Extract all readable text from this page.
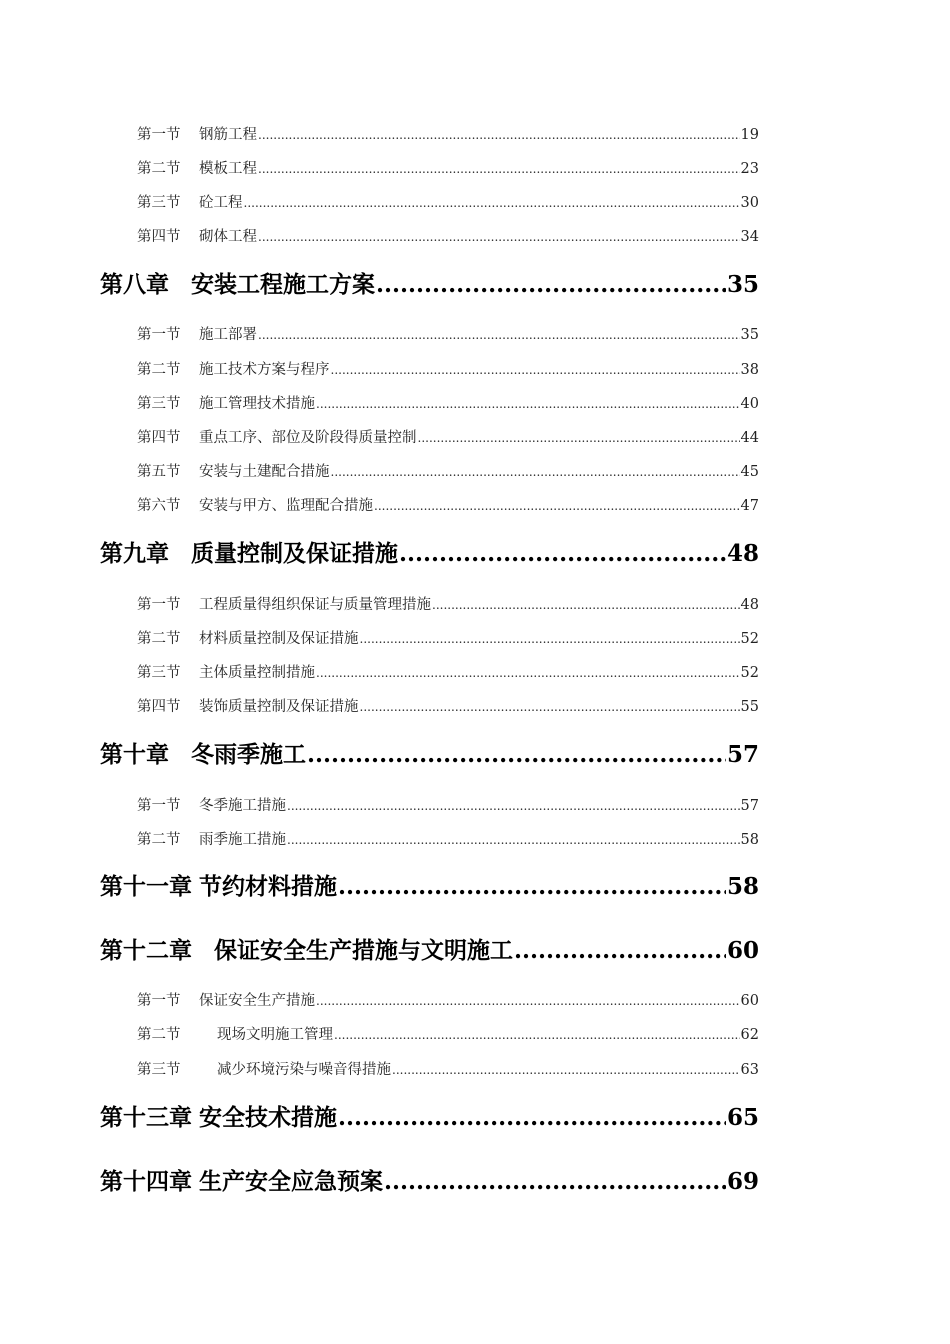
第一节	钢筋工程 .....	19
第二节	模板工程 .....	23
第三节	砼工程 .....	30
第四节	砌体工程 .....	34
第八章 安装工程施工方案 .....	35
第一节	施工部署 .....	35
第二节	施工技术方案与程序 .....	38
第三节	施工管理技术措施 .....	40
第四节	重点工序、部位及阶段得质量控制 .....	44
第五节	安装与土建配合措施 .....	45
第六节	安装与甲方、监理配合措施 .....	47
第九章 质量控制及保证措施 .....	48
第一节	工程质量得组织保证与质量管理措施 .....	48
第二节	材料质量控制及保证措施 .....	52
第三节	主体质量控制措施 .....	52
第四节	装饰质量控制及保证措施 .....	55
第十章 冬雨季施工 .....	57
第一节	冬季施工措施 .....	57
第二节	雨季施工措施 .....	58
第十一章 节约材料措施 .....	58
第十二章 保证安全生产措施与文明施工 .....	60
第一节	保证安全生产措施 .....	60
第二节	现场文明施工管理 .....	62
第三节	减少环境污染与噪音得措施 .....	63
第十三章 安全技术措施 .....	65
第十四章 生产安全应急预案 .....	69
